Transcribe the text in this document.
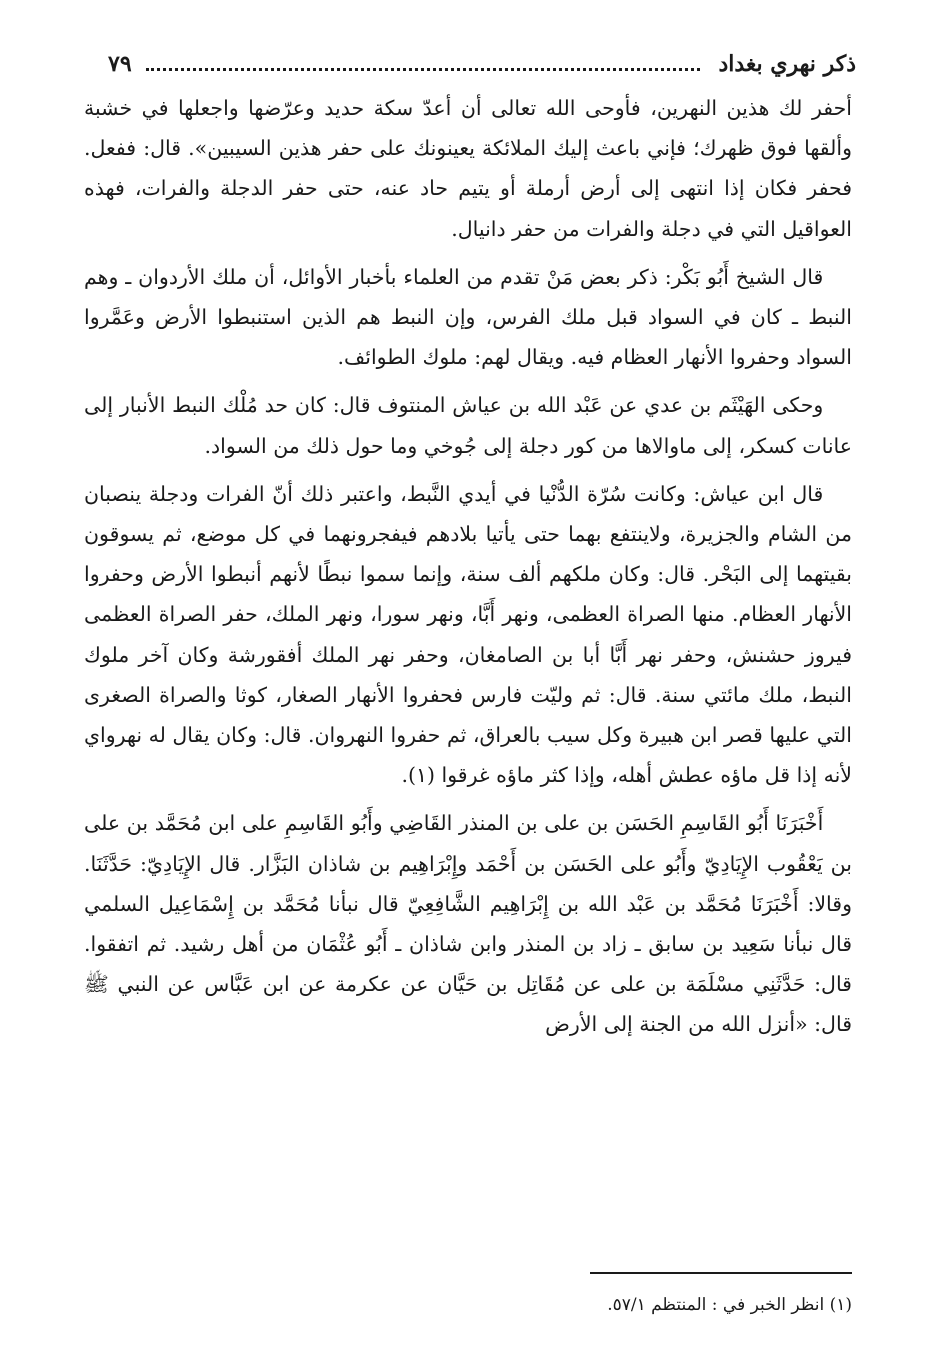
ذكر نهري بغداد
٧٩

أحفر لك هذين النهرين، فأوحى الله تعالى أن أعدّ سكة حديد وعرّضها واجعلها في خشبة وألقها فوق ظهرك؛ فإني باعث إليك الملائكة يعينونك على حفر هذين السيبين». قال: ففعل. فحفر فكان إذا انتهى إلى أرض أرملة أو يتيم حاد عنه، حتى حفر الدجلة والفرات، فهذه العواقيل التي في دجلة والفرات من حفر دانيال.

قال الشيخ أَبُو بَكْر: ذكر بعض مَنْ تقدم من العلماء بأخبار الأوائل، أن ملك الأردوان ـ وهم النبط ـ كان في السواد قبل ملك الفرس، وإن النبط هم الذين استنبطوا الأرض وعَمَّروا السواد وحفروا الأنهار العظام فيه. ويقال لهم: ملوك الطوائف.

وحكى الهَيْثَم بن عدي عن عَبْد الله بن عياش المنتوف قال: كان حد مُلْك النبط الأنبار إلى عانات كسكر، إلى ماوالاها من كور دجلة إلى جُوخي وما حول ذلك من السواد.

قال ابن عياش: وكانت سُرّة الدُّنْيا في أيدي النَّبط، واعتبر ذلك أنّ الفرات ودجلة ينصبان من الشام والجزيرة، ولاينتفع بهما حتى يأتيا بلادهم فيفجرونهما في كل موضع، ثم يسوقون بقيتهما إلى البَحْر. قال: وكان ملكهم ألف سنة، وإنما سموا نبطًا لأنهم أنبطوا الأرض وحفروا الأنهار العظام. منها الصراة العظمى، ونهر أَبَّا، ونهر سورا، ونهر الملك، حفر الصراة العظمى فيروز حشنش، وحفر نهر أَبَّا أبا بن الصامغان، وحفر نهر الملك أفقورشة وكان آخر ملوك النبط، ملك مائتي سنة. قال: ثم وليّت فارس فحفروا الأنهار الصغار، كوثا والصراة الصغرى التي عليها قصر ابن هبيرة وكل سيب بالعراق، ثم حفروا النهروان. قال: وكان يقال له نهرواي لأنه إذا قل ماؤه عطش أهله، وإذا كثر ماؤه غرقوا (١).

أَخْبَرَنَا أَبُو القَاسِمِ الحَسَن بن على بن المنذر القَاضِي وأَبُو القَاسِمِ على ابن مُحَمَّد بن على بن يَعْقُوب الإِيَادِيّ وأَبُو على الحَسَن بن أَحْمَد وإِبْرَاهِيم بن شاذان البَزَّار. قال الإِيَادِيّ: حَدَّثَنَا. وقالا: أَخْبَرَنَا مُحَمَّد بن عَبْد الله بن إِبْرَاهِيم الشَّافِعِيّ قال نبأنا مُحَمَّد بن إِسْمَاعِيل السلمي قال نبأنا سَعِيد بن سابق ـ زاد بن المنذر وابن شاذان ـ أَبُو عُثْمَان من أهل رشيد. ثم اتفقوا. قال: حَدَّثَنِي مسْلَمَة بن على عن مُقَاتِل بن حَيَّان عن عكرمة عن ابن عَبَّاس عن النبي ﷺ قال: «أنزل الله من الجنة إلى الأرض

(١) انظر الخبر في : المنتظم ٥٧/١.
